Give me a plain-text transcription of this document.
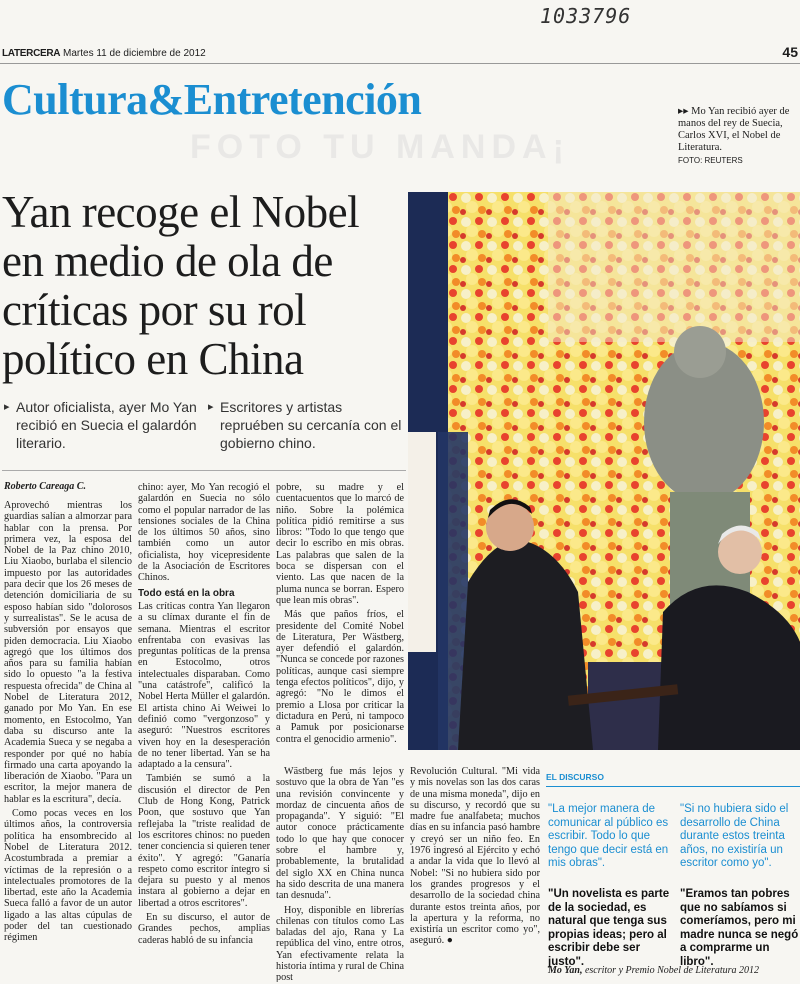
1033796
LATERCERA Martes 11 de diciembre de 2012	45
Cultura&Entretención
FOTO TU MANDA¡
▸▸ Mo Yan recibió ayer de manos del rey de Suecia, Carlos XVI, el Nobel de Literatura.
FOTO: REUTERS
Yan recoge el Nobel en medio de ola de críticas por su rol político en China
▸ Autor oficialista, ayer Mo Yan recibió en Suecia el galardón literario.
▸ Escritores y artistas repruében su cercanía con el gobierno chino.
Roberto Careaga C.

Aprovechó mientras los guardias salían a almorzar para hablar con la prensa. Por primera vez, la esposa del Nobel de la Paz chino 2010, Liu Xiaobo, burlaba el silencio impuesto por las autoridades para decir que los 26 meses de detención domiciliaria de su esposo habían sido "dolorosos y surrealistas". Se le acusa de subversión por ensayos que piden democracia. Liu Xiaobo agregó que los últimos dos años para su familia habían sido lo opuesto "a la festiva respuesta ofrecida" de China al Nobel de Literatura 2012, ganado por Mo Yan. En ese momento, en Estocolmo, Yan daba su discurso ante la Academia Sueca y se negaba a responder por qué no había firmado una carta apoyando la liberación de Xiaobo. "Para un escritor, la mejor manera de hablar es la escritura", decía.

Como pocas veces en los últimos años, la controversia política ha ensombrecido al Nobel de Literatura 2012. Acostumbrada a premiar a víctimas de la represión o a intelectuales promotores de la libertad, este año la Academia Sueca falló a favor de un autor ligado a las altas cúpulas de poder del tan cuestionado régimen

chino: ayer, Mo Yan recogió el galardón en Suecia no sólo como el popular narrador de las tensiones sociales de la China de los últimos 50 años, sino también como un autor oficialista, hoy vicepresidente de la Asociación de Escritores Chinos.

Todo está en la obra

Las críticas contra Yan llegaron a su clímax durante el fin de semana. Mientras el escritor enfrentaba con evasivas las preguntas políticas de la prensa en Estocolmo, otros intelectuales disparaban. Como "una catástrofe", calificó la Nobel Herta Müller el galardón. El artista chino Ai Weiwei lo definió como "vergonzoso" y aseguró: "Nuestros escritores viven hoy en la desesperación de no tener libertad. Yan se ha adaptado a la censura".

También se sumó a la discusión el director de Pen Club de Hong Kong, Patrick Poon, que sostuvo que Yan reflejaba la "triste realidad de los escritores chinos: no pueden tener conciencia si quieren tener éxito". Y agregó: "Ganaría respeto como escritor íntegro si dejara su puesto y al menos instara al gobierno a dejar en libertad a otros escritores".

En su discurso, el autor de Grandes pechos, amplias caderas habló de su infancia

pobre, su madre y el cuentacuentos que lo marcó de niño. Sobre la polémica política pidió remitirse a sus libros: "Todo lo que tengo que decir lo escribo en mis obras. Las palabras que salen de la boca se dispersan con el viento. Las que nacen de la pluma nunca se borran. Espero que lean mis obras".

Más que paños fríos, el presidente del Comité Nobel de Literatura, Per Wästberg, ayer defendió el galardón. "Nunca se concede por razones políticas, aunque casi siempre tenga efectos políticos", dijo, y agregó: "No le dimos el premio a Llosa por criticar la dictadura en Perú, ni tampoco a Pamuk por posicionarse contra el genocidio armenio".

Wästberg fue más lejos y sostuvo que la obra de Yan "es una revisión convincente y mordaz de cincuenta años de propaganda". Y siguió: "El autor conoce prácticamente todo lo que hay que conocer sobre el hambre y, probablemente, la brutalidad del siglo XX en China nunca ha sido descrita de una manera tan desnuda".

Hoy, disponible en librerías chilenas con títulos como Las baladas del ajo, Rana y La república del vino, entre otros, Yan efectivamente relata la historia íntima y rural de China post

Revolución Cultural. "Mi vida y mis novelas son las dos caras de una misma moneda", dijo en su discurso, y recordó que su madre fue analfabeta; muchos días en su infancia pasó hambre y creyó ser un niño feo. En 1976 ingresó al Ejército y echó a andar la vida que lo llevó al Nobel: "Si no hubiera sido por los grandes progresos y el desarrollo de la sociedad china durante estos treinta años, por la apertura y la reforma, no existiría un escritor como yo", aseguró. ●

EL DISCURSO
"La mejor manera de comunicar al público es escribir. Todo lo que tengo que decir está en mis obras".
"Si no hubiera sido el desarrollo de China durante estos treinta años, no existiría un escritor como yo".
"Un novelista es parte de la sociedad, es natural que tenga sus propias ideas; pero al escribir debe ser justo".
"Eramos tan pobres que no sabíamos si comeríamos, pero mi madre nunca se negó a comprarme un libro".
Mo Yan, escritor y Premio Nobel de Literatura 2012
